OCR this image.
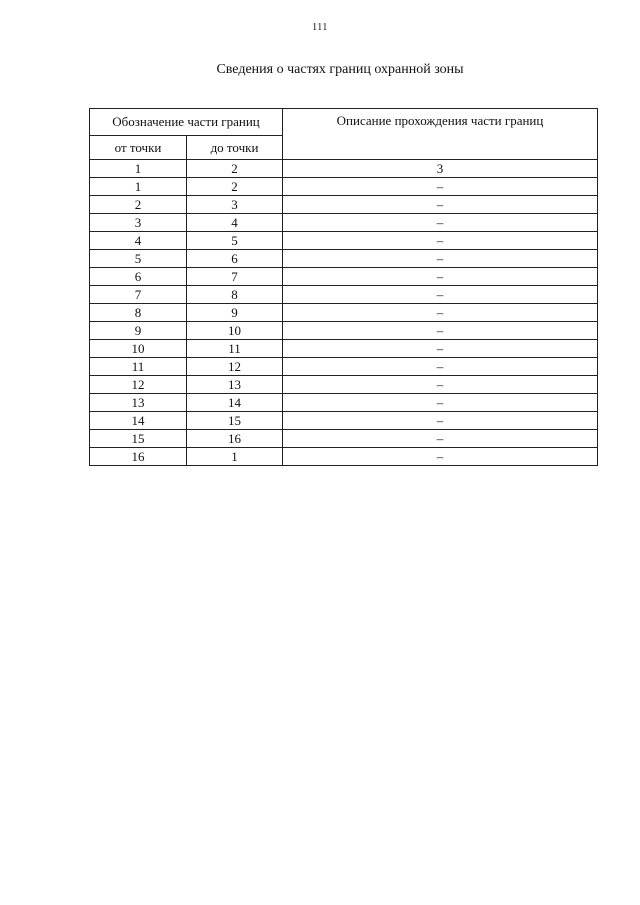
111
Сведения о частях границ охранной зоны
Обозначение части границ		Описание прохождения части границ
от точки	до точки	
1	2	3
1	2	–
2	3	–
3	4	–
4	5	–
5	6	–
6	7	–
7	8	–
8	9	–
9	10	–
10	11	–
11	12	–
12	13	–
13	14	–
14	15	–
15	16	–
16	1	–
